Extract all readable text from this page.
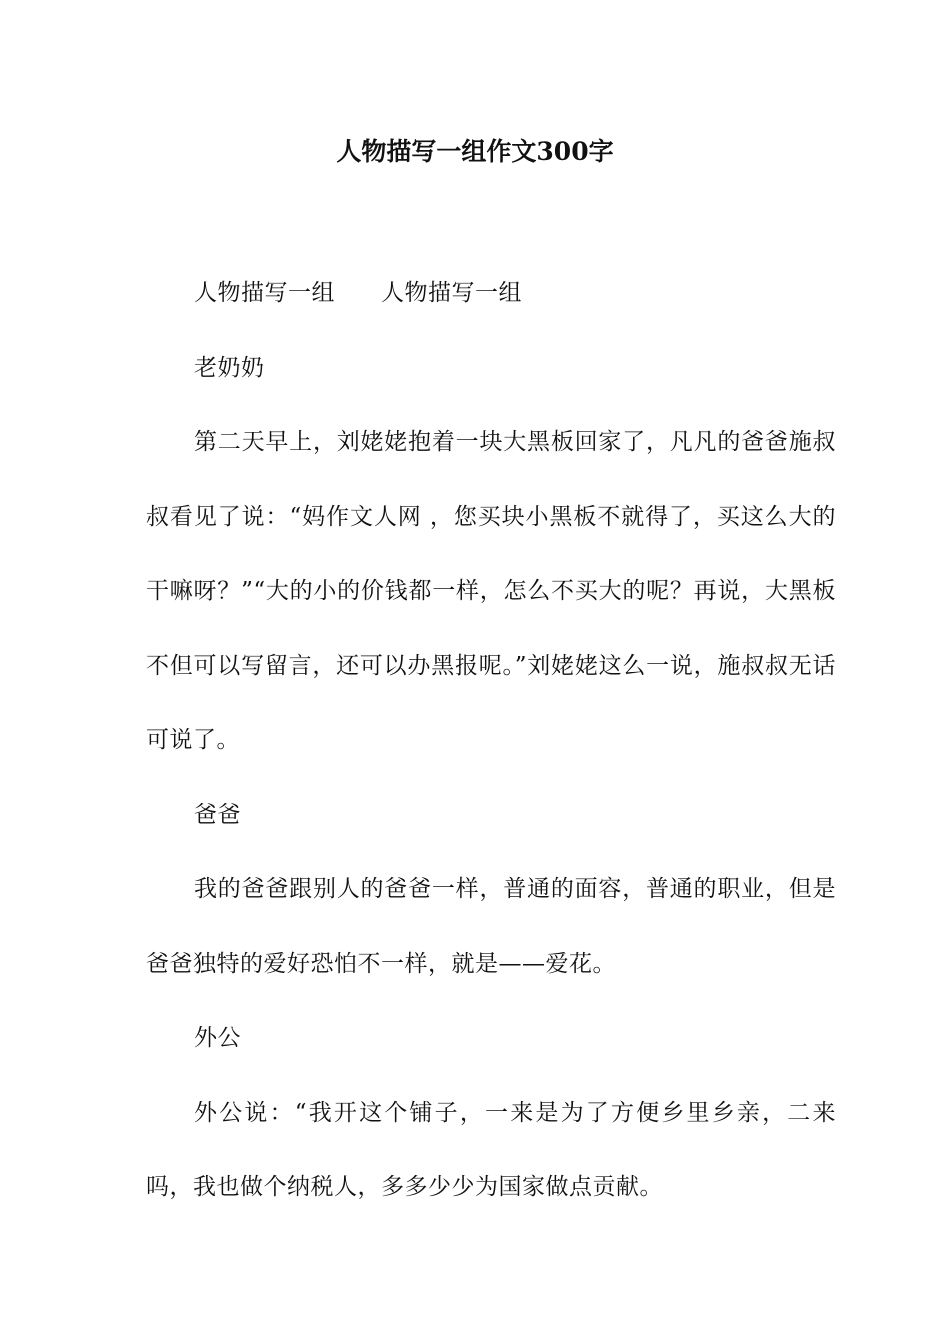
人物描写一组作文300字

人物描写一组 人物描写一组

老奶奶

第二天早上，刘姥姥抱着一块大黑板回家了，凡凡的爸爸施叔叔看见了说：“妈作文人网 ，您买块小黑板不就得了，买这么大的干嘛呀？”“大的小的价钱都一样，怎么不买大的呢？再说，大黑板不但可以写留言，还可以办黑报呢。”刘姥姥这么一说，施叔叔无话可说了。

爸爸

我的爸爸跟别人的爸爸一样，普通的面容，普通的职业，但是爸爸独特的爱好恐怕不一样，就是——爱花。

外公

外公说：“我开这个铺子，一来是为了方便乡里乡亲，二来吗，我也做个纳税人，多多少少为国家做点贡献。
